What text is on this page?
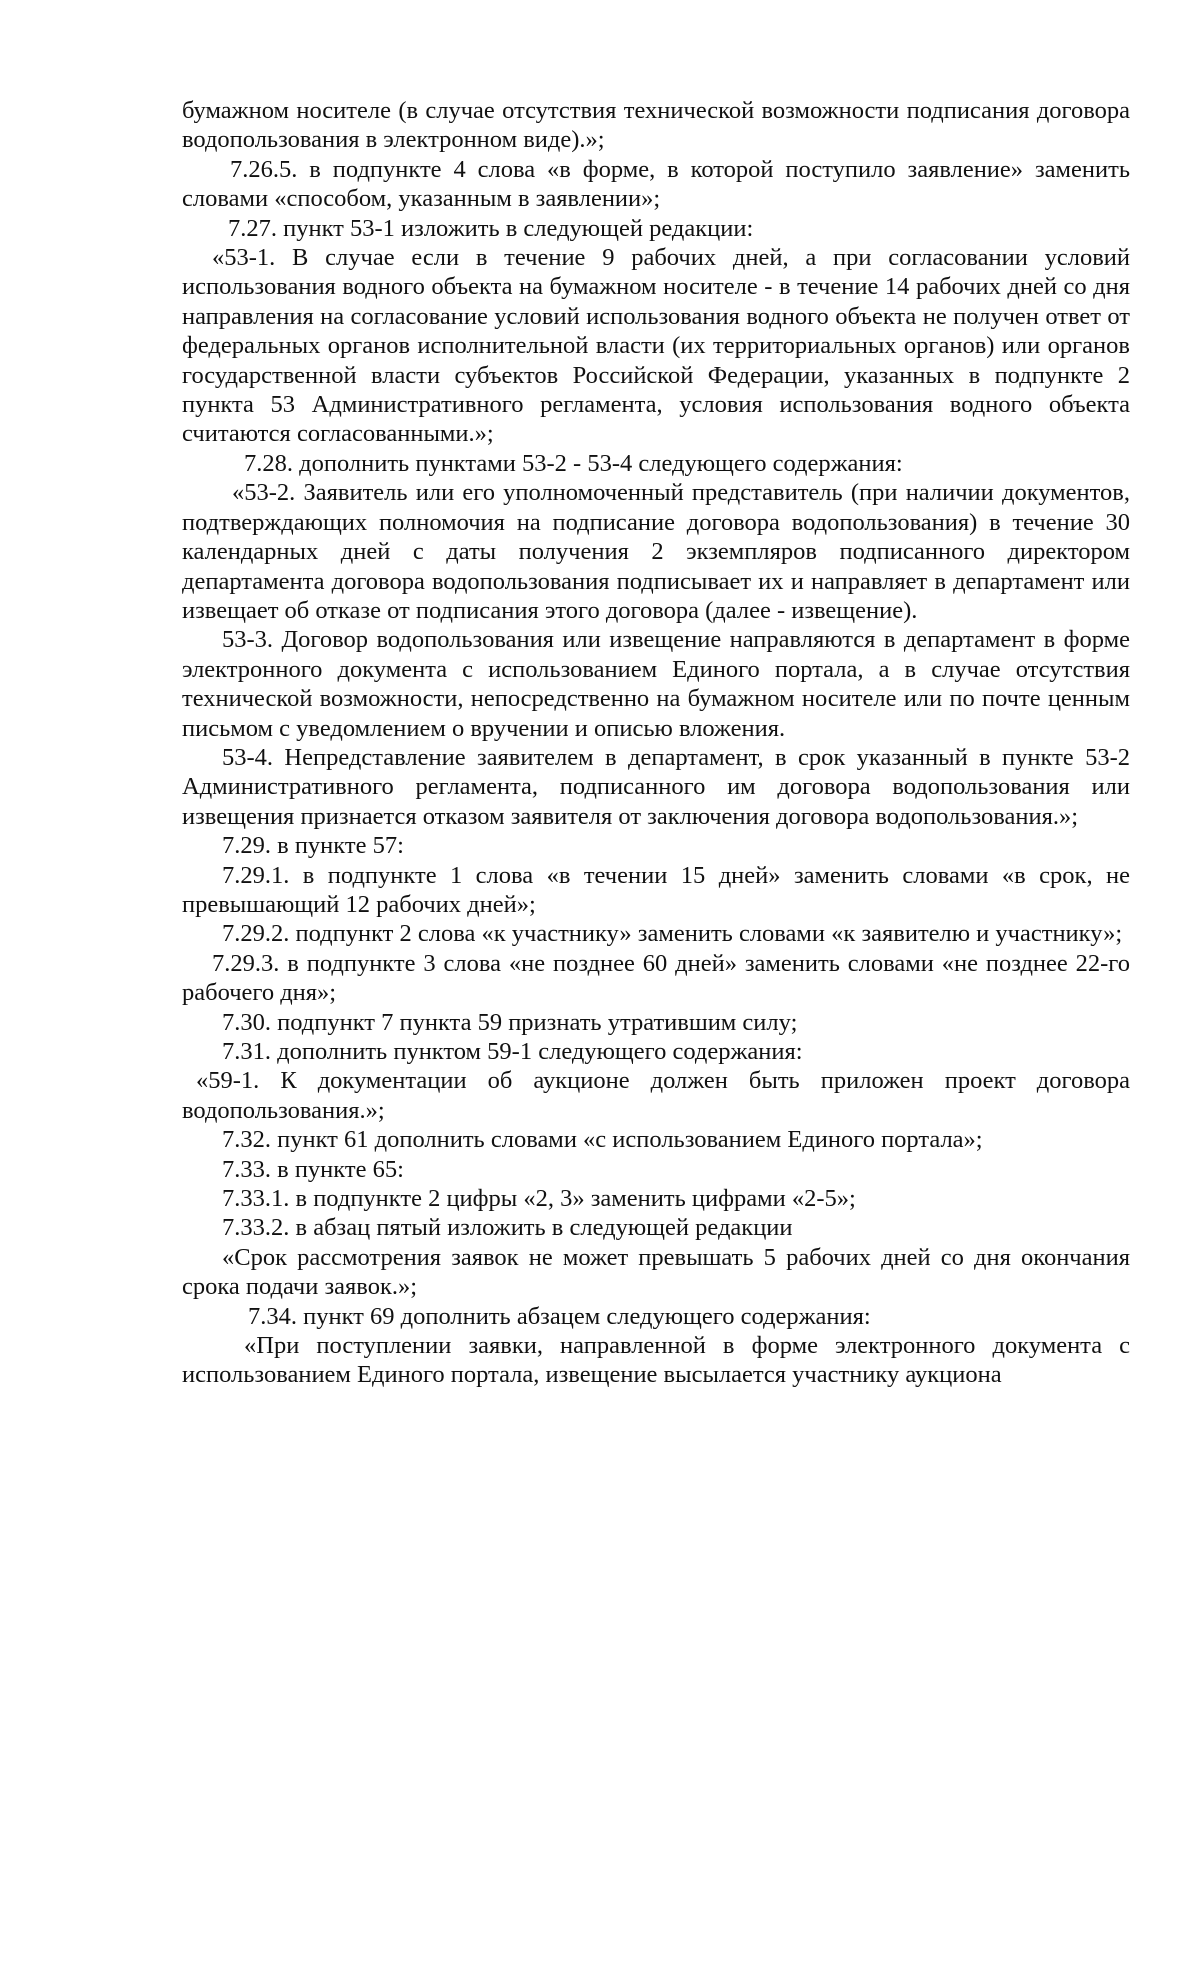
бумажном носителе (в случае отсутствия технической возможности подписания договора водопользования в электронном виде).»;

7.26.5. в подпункте 4 слова «в форме, в которой поступило заявление» заменить словами «способом, указанным в заявлении»;

7.27. пункт 53-1 изложить в следующей редакции:

«53-1. В случае если в течение 9 рабочих дней, а при согласовании условий использования водного объекта на бумажном носителе - в течение 14 рабочих дней со дня направления на согласование условий использования водного объекта не получен ответ от федеральных органов исполнительной власти (их территориальных органов) или органов государственной власти субъектов Российской Федерации, указанных в подпункте 2 пункта 53 Административного регламента, условия использования водного объекта считаются согласованными.»;

7.28. дополнить пунктами 53-2 - 53-4 следующего содержания:

«53-2. Заявитель или его уполномоченный представитель (при наличии документов, подтверждающих полномочия на подписание договора водопользования) в течение 30 календарных дней с даты получения 2 экземпляров подписанного директором департамента договора водопользования подписывает их и направляет в департамент или извещает об отказе от подписания этого договора (далее - извещение).

53-3. Договор водопользования или извещение направляются в департамент в форме электронного документа с использованием Единого портала, а в случае отсутствия технической возможности, непосредственно на бумажном носителе или по почте ценным письмом с уведомлением о вручении и описью вложения.

53-4. Непредставление заявителем в департамент, в срок указанный в пункте 53-2 Административного регламента, подписанного им договора водопользования или извещения признается отказом заявителя от заключения договора водопользования.»;

7.29. в пункте 57:

7.29.1. в подпункте 1 слова «в течении 15 дней» заменить словами «в срок, не превышающий 12 рабочих дней»;

7.29.2. подпункт 2 слова «к участнику» заменить словами «к заявителю и участнику»;

7.29.3. в подпункте 3 слова «не позднее 60 дней» заменить словами «не позднее 22-го рабочего дня»;

7.30. подпункт 7 пункта 59 признать утратившим силу;

7.31. дополнить пунктом 59-1 следующего содержания:

«59-1. К документации об аукционе должен быть приложен проект договора водопользования.»;

7.32. пункт 61 дополнить словами «с использованием Единого портала»;

7.33. в пункте 65:

7.33.1. в подпункте 2 цифры «2, 3» заменить цифрами «2-5»;

7.33.2. в абзац пятый изложить в следующей редакции

«Срок рассмотрения заявок не может превышать 5 рабочих дней со дня окончания срока подачи заявок.»;

7.34. пункт 69 дополнить абзацем следующего содержания:

«При поступлении заявки, направленной в форме электронного документа с использованием Единого портала, извещение высылается участнику аукциона
